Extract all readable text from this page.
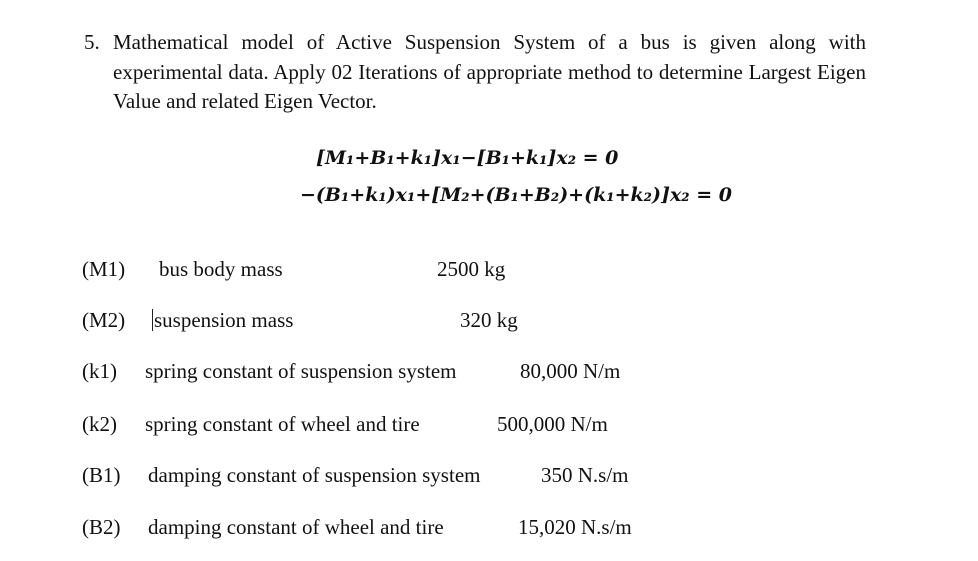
5. Mathematical model of Active Suspension System of a bus is given along with experimental data. Apply 02 Iterations of appropriate method to determine Largest Eigen Value and related Eigen Vector.
[M₁+B₁+k₁]x₁−[B₁+k₁]x₂ = 0
−(B₁+k₁)x₁+[M₂+(B₁+B₂)+(k₁+k₂)]x₂ = 0
(M1) bus body mass	2500 kg
(M2) suspension mass	320 kg
(k1) spring constant of suspension system	80,000 N/m
(k2) spring constant of wheel and tire	500,000 N/m
(B1) damping constant of suspension system	350 N.s/m
(B2) damping constant of wheel and tire	15,020 N.s/m
